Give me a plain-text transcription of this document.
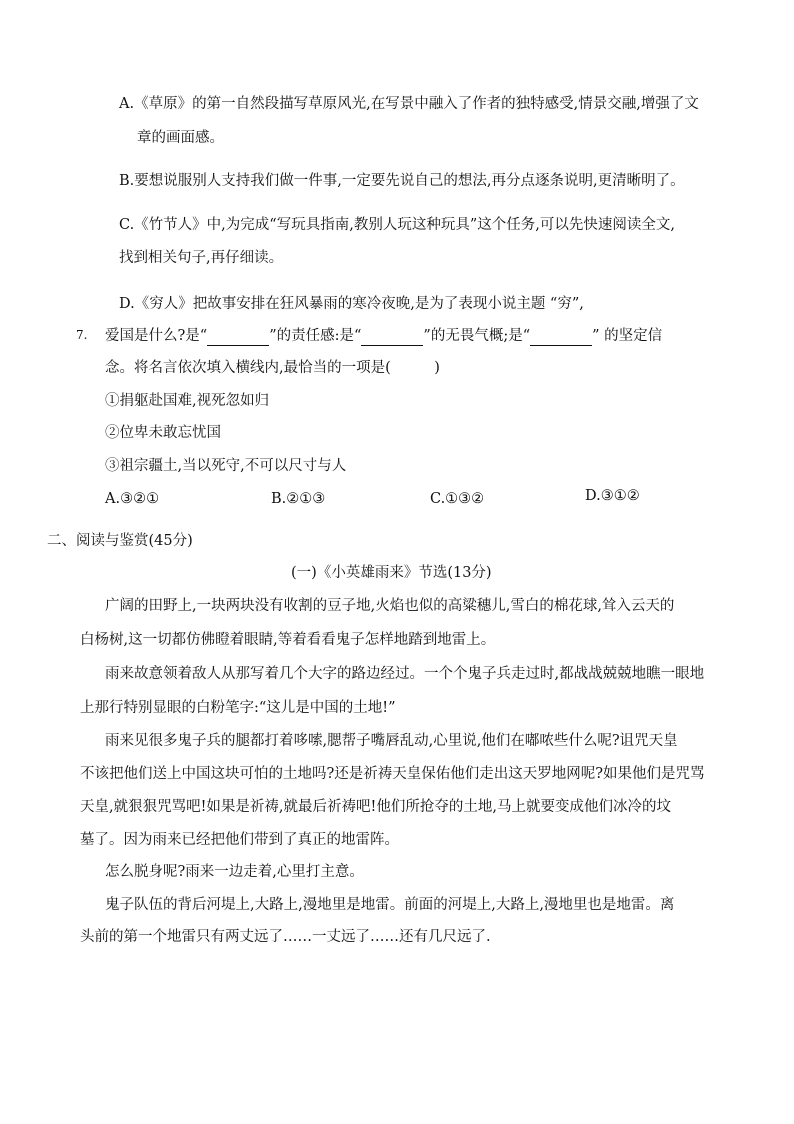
A.《草原》的第一自然段描写草原风光,在写景中融入了作者的独特感受,情景交融,增强了文
章的画面感。
B.要想说服别人支持我们做一件事,一定要先说自己的想法,再分点逐条说明,更清晰明了。
C.《竹节人》中,为完成“写玩具指南,教别人玩这种玩具”这个任务,可以先快速阅读全文,
找到相关句子,再仔细读。
D.《穷人》把故事安排在狂风暴雨的寒冷夜晚,是为了表现小说主题 “穷”,
7. 爱国是什么?是“	”的责任感:是“	”的无畏气概;是“	” 的坚定信
念。将名言依次填入横线内,最恰当的一项是(　　　)
①捐躯赴国难,视死忽如归
②位卑未敢忘忧国
③祖宗疆土,当以死守,不可以尺寸与人
A.③②①	B.②①③	C.①③②	D.③①②
二、阅读与鉴赏(45分)
(一)《小英雄雨来》节选(13分)
广阔的田野上,一块两块没有收割的豆子地,火焰也似的高粱穗儿,雪白的棉花球,耸入云天的
白杨树,这一切都仿佛瞪着眼睛,等着看看鬼子怎样地踏到地雷上。
雨来故意领着敌人从那写着几个大字的路边经过。一个个鬼子兵走过时,都战战兢兢地瞧一眼地
上那行特别显眼的白粉笔字:“这儿是中国的土地!”
雨来见很多鬼子兵的腿都打着哆嗦,腮帮子嘴唇乱动,心里说,他们在嘟哝些什么呢?诅咒天皇
不该把他们送上中国这块可怕的土地吗?还是祈祷天皇保佑他们走出这天罗地网呢?如果他们是咒骂
天皇,就狠狠咒骂吧!如果是祈祷,就最后祈祷吧!他们所抢夺的土地,马上就要变成他们冰冷的坟
墓了。因为雨来已经把他们带到了真正的地雷阵。
怎么脱身呢?雨来一边走着,心里打主意。
鬼子队伍的背后河堤上,大路上,漫地里是地雷。前面的河堤上,大路上,漫地里也是地雷。离
头前的第一个地雷只有两丈远了……一丈远了……还有几尺远了.
